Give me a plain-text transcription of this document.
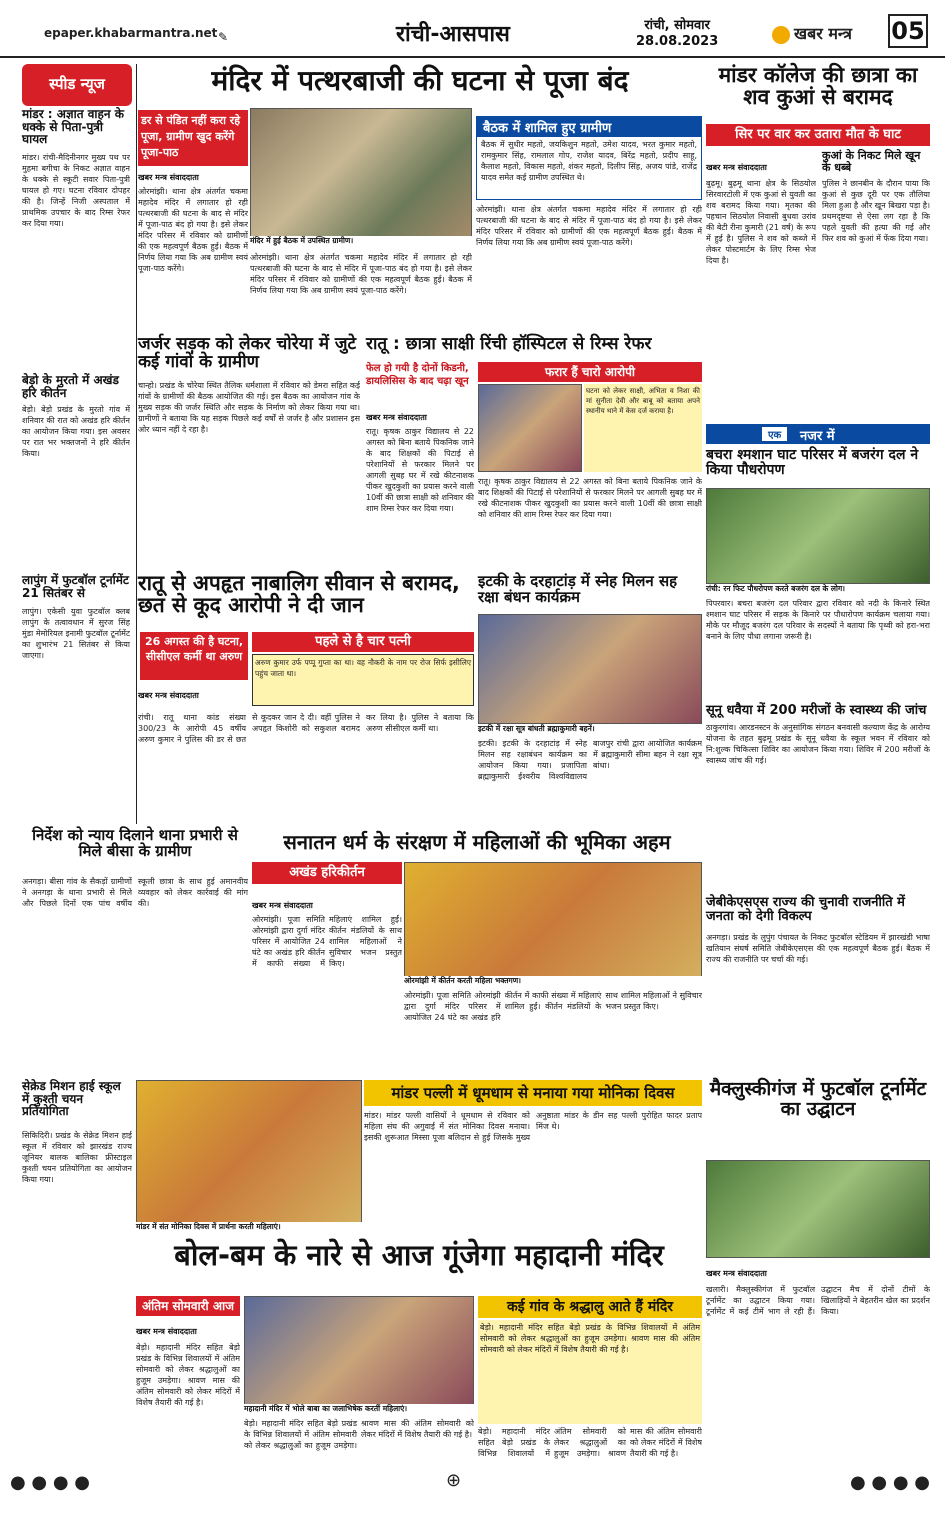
epaper.khabarmantra.net ✎	रांची-आसपास	रांची, सोमवार
28.08.2023	खबर मन्त्र 05
स्पीड न्यूज
मांडर : अज्ञात वाहन के धक्के से पिता-पुत्री घायल
मांडर। रांची-मैदिनीनगर मुख्य पथ पर मुहमा बगीचा के निकट अज्ञात वाहन के धक्के से स्कूटी सवार पिता-पुत्री घायल हो गए। घटना रविवार दोपहर की है। जिन्हें निजी अस्पताल में प्राथमिक उपचार के बाद रिम्स रेफर कर दिया गया।
बेड़ो के मुरतो में अखंड हरि कीर्तन
बेड़ो। बेड़ो प्रखंड के मुरतो गांव में शनिवार की रात को अखंड हरि कीर्तन का आयोजन किया गया। इस अवसर पर रात भर भक्तजनों ने हरि कीर्तन किया।
लापुंग में फुटबॉल टूर्नामेंट 21 सितंबर से
लापुंग। एकेसी युवा फुटबॉल क्लब लापुंग के तत्वावधान में सुरज सिंह मुंडा मेमोरियल इनामी फुटबॉल टूर्नामेंट का शुभारंभ 21 सितंबर से किया जाएगा।
मंदिर में पत्थरबाजी की घटना से पूजा बंद
डर से पंडित नहीं करा रहे पूजा, ग्रामीण खुद करेंगे पूजा-पाठ
मंदिर में हुई बैठक में उपस्थित ग्रामीण।
खबर मन्त्र संवाददाता
ओरमांझी। थाना क्षेत्र अंतर्गत चकमा महादेव मंदिर में लगातार हो रही पत्थरबाजी की घटना के बाद से मंदिर में पूजा-पाठ बंद हो गया है। इसे लेकर मंदिर परिसर में रविवार को ग्रामीणों की एक महत्वपूर्ण बैठक हुई। बैठक में निर्णय लिया गया कि अब ग्रामीण स्वयं पूजा-पाठ करेंगे।
ओरमांझी। थाना क्षेत्र अंतर्गत चकमा महादेव मंदिर में लगातार हो रही पत्थरबाजी की घटना के बाद से मंदिर में पूजा-पाठ बंद हो गया है। इसे लेकर मंदिर परिसर में रविवार को ग्रामीणों की एक महत्वपूर्ण बैठक हुई। बैठक में निर्णय लिया गया कि अब ग्रामीण स्वयं पूजा-पाठ करेंगे।
बैठक में शामिल हुए ग्रामीण
बैठक में सुधीर महतो, जयकिशुन महतो, उमेश यादव, भरत कुमार महतो, रामकुमार सिंह, रामलाल गोप, राजेश यादव, बिरेंद्र महतो, प्रदीप साहू, कैलाश महतो, विकास महतो, शंकर महतो, दिलीप सिंह, अजय पांडे, राजेंद्र यादव समेत कई ग्रामीण उपस्थित थे।
ओरमांझी। थाना क्षेत्र अंतर्गत चकमा महादेव मंदिर में लगातार हो रही पत्थरबाजी की घटना के बाद से मंदिर में पूजा-पाठ बंद हो गया है। इसे लेकर मंदिर परिसर में रविवार को ग्रामीणों की एक महत्वपूर्ण बैठक हुई। बैठक में निर्णय लिया गया कि अब ग्रामीण स्वयं पूजा-पाठ करेंगे।
मांडर कॉलेज की छात्रा का शव कुआं से बरामद
सिर पर वार कर उतारा मौत के घाट
खबर मन्त्र संवाददाता
बुढ़मू। बुढ़मू थाना क्षेत्र के सिठयोल सिरवारटोली में एक कुआं से युवती का शव बरामद किया गया। मृतका की पहचान सिठयोल निवासी बुधवा उरांव की बेटी रीना कुमारी (21 वर्ष) के रूप में हुई है। पुलिस ने शव को कब्जे में लेकर पोस्टमार्टम के लिए रिम्स भेज दिया है।
कुआं के निकट मिले खून के धब्बे
पुलिस ने छानबीन के दौरान पाया कि कुआं से कुछ दूरी पर एक तौलिया मिला हुआ है और खून बिखरा पड़ा है। प्रथमदृष्टया से ऐसा लग रहा है कि पहले युवती की हत्या की गई और फिर शव को कुआं में फेंक दिया गया।
एक	नजर में
बचरा श्मशान घाट परिसर में बजरंग दल ने किया पौधरोपण
रांची: रन फिट पौधरोपण करते बजरंग दल के लोग।
पिपरवार। बचरा बजरंग दल परिवार द्वारा रविवार को नदी के किनारे स्थित श्मशान घाट परिसर में सड़क के किनारे पर पौधारोपण कार्यक्रम चलाया गया। मौके पर मौजूद बजरंग दल परिवार के सदस्यों ने बताया कि पृथ्वी को हरा-भरा बनाने के लिए पौधा लगाना जरूरी है।
जर्जर सड़क को लेकर चोरेया में जुटे कई गांवों के ग्रामीण
चान्हो। प्रखंड के चोरेया स्थित तैलिक धर्मशाला में रविवार को डेमरा सहित कई गांवों के ग्रामीणों की बैठक आयोजित की गई। इस बैठक का आयोजन गांव के मुख्य सड़क की जर्जर स्थिति और सड़क के निर्माण को लेकर किया गया था। ग्रामीणों ने बताया कि यह सड़क पिछले कई वर्षों से जर्जर है और प्रशासन इस ओर ध्यान नहीं दे रहा है।
रातू : छात्रा साक्षी रिंची हॉस्पिटल से रिम्स रेफर
फेल हो गयी है दोनों किडनी, डायलिसिस के बाद चढ़ा खून
फरार हैं चारो आरोपी
खबर मन्त्र संवाददाता
रातू। कृषक ठाकुर विद्यालय से 22 अगस्त को बिना बताये पिकनिक जाने के बाद शिक्षकों की पिटाई से परेशानियों से फरकार मिलने पर आगली सुबह घर में रखे कीटनाशक पीकर खुदकुशी का प्रयास करने वाली 10वीं की छात्रा साक्षी को शनिवार की शाम रिम्स रेफर कर दिया गया।
घटना को लेकर साक्षी, अभिता व निशा की मां सुनीता देवी और बाबू को बताया अपने स्थानीय थाने में केस दर्ज कराया है।
रातू। कृषक ठाकुर विद्यालय से 22 अगस्त को बिना बताये पिकनिक जाने के बाद शिक्षकों की पिटाई से परेशानियों से फरकार मिलने पर आगली सुबह घर में रखे कीटनाशक पीकर खुदकुशी का प्रयास करने वाली 10वीं की छात्रा साक्षी को शनिवार की शाम रिम्स रेफर कर दिया गया।
रातू से अपहृत नाबालिग सीवान से बरामद, छत से कूद आरोपी ने दी जान
26 अगस्त की है घटना, सीसीएल कर्मी था अरुण
पहले से है चार पत्नी
अरुण कुमार उर्फ पप्पू गुप्ता का था। वह नौकरी के नाम पर रोज सिर्फ इसीलिए पहुंच जाता था।
खबर मन्त्र संवाददाता
रांची। रातू थाना कांड संख्या 300/23 के आरोपी 45 वर्षीय अरुण कुमार ने पुलिस की डर से छत से कूदकर जान दे दी। वहीं पुलिस ने अपहृत किशोरी को सकुशल बरामद कर लिया है। पुलिस ने बताया कि अरुण सीसीएल कर्मी था।
इटकी के दरहाटांड़ में स्नेह मिलन सह रक्षा बंधन कार्यक्रम
इटकी में रक्षा सूत्र बांधती ब्रह्माकुमारी बहनें।
इटकी। इटकी के दरहाटांड़ में स्नेह मिलन सह रक्षाबंधन कार्यक्रम का आयोजन किया गया। प्रजापिता ब्रह्माकुमारी ईश्वरीय विश्वविद्यालय बाजपुर रांची द्वारा आयोजित कार्यक्रम में ब्रह्माकुमारी सीमा बहन ने रक्षा सूत्र बांधा।
सूनू धवैया में 200 मरीजों के स्वास्थ्य की जांच
ठाकुरगांव। आरडनस्टन के अनुसांगिक संगठन बनवासी कल्याण केंद्र के आरोग्य योजना के तहत बुढ़मू प्रखंड के सूनू धवैया के स्कूल भवन में रविवार को नि:शुल्क चिकित्सा शिविर का आयोजन किया गया। शिविर में 200 मरीजों के स्वास्थ्य जांच की गई।
जेबीकेएसएस राज्य की चुनावी राजनीति में जनता को देगी विकल्प
अनगड़ा। प्रखंड के लुपुंग पंचायत के निकट फुटबॉल स्टेडियम में झारखंडी भाषा खतियान संघर्ष समिति जेबीकेएसएस की एक महत्वपूर्ण बैठक हुई। बैठक में राज्य की राजनीति पर चर्चा की गई।
निर्देश को न्याय दिलाने थाना प्रभारी से मिले बीसा के ग्रामीण
अनगड़ा। बीसा गांव के सैकड़ों ग्रामीणों ने अनगड़ा के थाना प्रभारी से मिले और पिछले दिनों एक पांच वर्षीय स्कूली छात्रा के साथ हुई अमानवीय व्यवहार को लेकर कार्रवाई की मांग की।
सेक्रेड मिशन हाई स्कूल में कुश्ती चयन प्रतियोगिता
सिकिदिरी। प्रखंड के सेक्रेड मिशन हाई स्कूल में रविवार को झारखंड राज्य जूनियर बालक बालिका फ्रीस्टाइल कुश्ती चयन प्रतियोगिता का आयोजन किया गया।
सनातन धर्म के संरक्षण में महिलाओं की भूमिका अहम
अखंड हरिकीर्तन
खबर मन्त्र संवाददाता
ओरमांझी। पूजा समिति ओरमांझी द्वारा दुर्गा मंदिर परिसर में आयोजित 24 घंटे का अखंड हरि कीर्तन में काफी संख्या में महिलाएं शामिल हुईं। कीर्तन मंडलियों के साथ शामिल महिलाओं ने सुविचार भजन प्रस्तुत किए।
ओरमांझी में कीर्तन करती महिला भक्तगण।
ओरमांझी। पूजा समिति ओरमांझी द्वारा दुर्गा मंदिर परिसर में आयोजित 24 घंटे का अखंड हरि कीर्तन में काफी संख्या में महिलाएं शामिल हुईं। कीर्तन मंडलियों के साथ शामिल महिलाओं ने सुविचार भजन प्रस्तुत किए।
मांडर पल्ली में धूमधाम से मनाया गया मोनिका दिवस
मांडर में संत मोनिका दिवस में प्रार्थना करती महिलाएं।
मांडर। मांडर पल्ली वासियों ने धूमधाम से रविवार को महिला संघ की अगुवाई में संत मोनिका दिवस मनाया। इसकी शुरूआत मिस्सा पूजा बलिदान से हुई जिसके मुख्य अनुष्ठाता मांडर के डीन सह पल्ली पुरोहित फादर प्रताप मिंज थे।
मैक्लुस्कीगंज में फुटबॉल टूर्नामेंट का उद्घाटन
खबर मन्त्र संवाददाता
खलारी। मैक्लुस्कीगंज में फुटबॉल टूर्नामेंट का उद्घाटन किया गया। टूर्नामेंट में कई टीमें भाग ले रही हैं। उद्घाटन मैच में दोनों टीमों के खिलाड़ियों ने बेहतरीन खेल का प्रदर्शन किया।
बोल-बम के नारे से आज गूंजेगा महादानी मंदिर
अंतिम सोमवारी आज
खबर मन्त्र संवाददाता
बेड़ो। महादानी मंदिर सहित बेड़ो प्रखंड के विभिन्न शिवालयों में अंतिम सोमवारी को लेकर श्रद्धालुओं का हुजूम उमड़ेगा। श्रावण मास की अंतिम सोमवारी को लेकर मंदिरों में विशेष तैयारी की गई है।
महादानी मंदिर में भोले बाबा का जलाभिषेक करतीं महिलाएं।
बेड़ो। महादानी मंदिर सहित बेड़ो प्रखंड के विभिन्न शिवालयों में अंतिम सोमवारी को लेकर श्रद्धालुओं का हुजूम उमड़ेगा। श्रावण मास की अंतिम सोमवारी को लेकर मंदिरों में विशेष तैयारी की गई है।
कई गांव के श्रद्धालु आते हैं मंदिर
बेड़ो। महादानी मंदिर सहित बेड़ो प्रखंड के विभिन्न शिवालयों में अंतिम सोमवारी को लेकर श्रद्धालुओं का हुजूम उमड़ेगा। श्रावण मास की अंतिम सोमवारी को लेकर मंदिरों में विशेष तैयारी की गई है।
बेड़ो। महादानी मंदिर सहित बेड़ो प्रखंड के विभिन्न शिवालयों में अंतिम सोमवारी को लेकर श्रद्धालुओं का हुजूम उमड़ेगा। श्रावण मास की अंतिम सोमवारी को लेकर मंदिरों में विशेष तैयारी की गई है।
● ● ● ●	⊕	● ● ● ●
